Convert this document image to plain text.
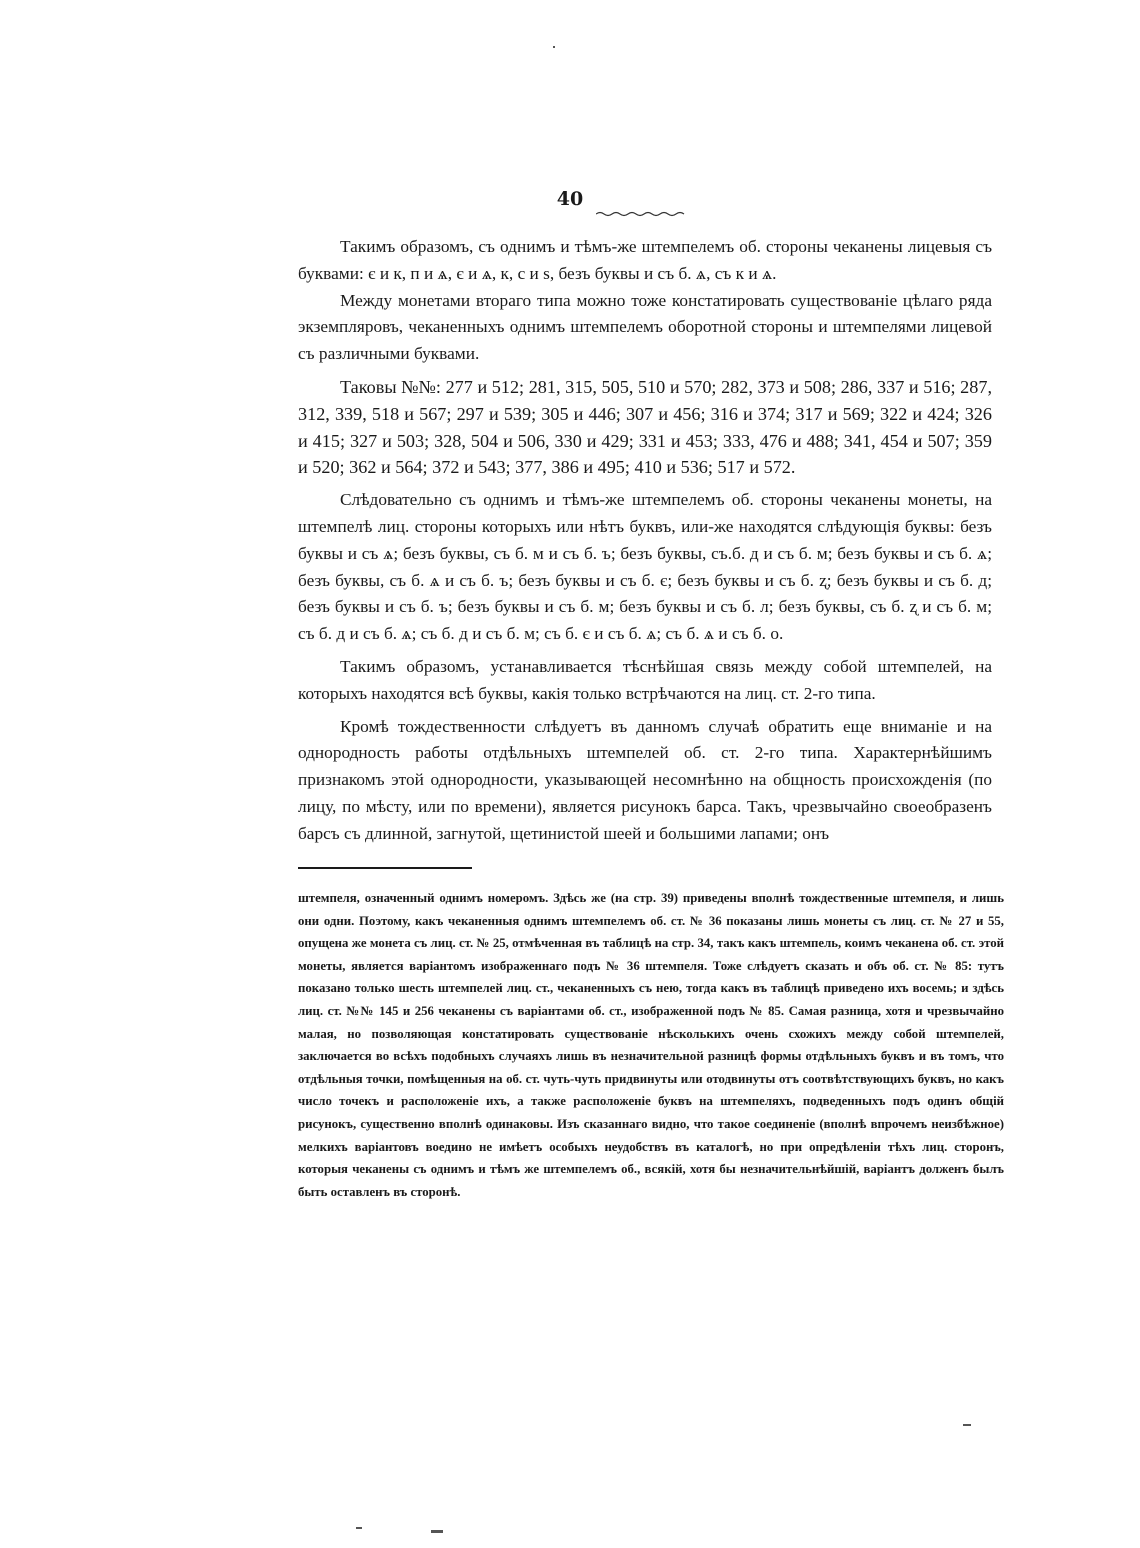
40

Такимъ образомъ, съ однимъ и тѣмъ-же штемпелемъ об. стороны чеканены лицевыя съ буквами: є и к, п и ѧ, є и ѧ, к, с и ѕ, безъ буквы и съ б. ѧ, съ к и ѧ.

Между монетами втораго типа можно тоже констатировать существованіе цѣлаго ряда экземпляровъ, чеканенныхъ однимъ штемпелемъ оборотной стороны и штемпелями лицевой съ различными буквами.

Таковы №№: 277 и 512; 281, 315, 505, 510 и 570; 282, 373 и 508; 286, 337 и 516; 287, 312, 339, 518 и 567; 297 и 539; 305 и 446; 307 и 456; 316 и 374; 317 и 569; 322 и 424; 326 и 415; 327 и 503; 328, 504 и 506, 330 и 429; 331 и 453; 333, 476 и 488; 341, 454 и 507; 359 и 520; 362 и 564; 372 и 543; 377, 386 и 495; 410 и 536; 517 и 572.

Слѣдовательно съ однимъ и тѣмъ-же штемпелемъ об. стороны чеканены монеты, на штемпелѣ лиц. стороны которыхъ или нѣтъ буквъ, или-же находятся слѣдующія буквы: безъ буквы и съ ѧ; безъ буквы, съ б. м и съ б. ъ; безъ буквы, съ.б. д и съ б. м; безъ буквы и съ б. ѧ; безъ буквы, съ б. ѧ и съ б. ъ; безъ буквы и съ б. є; безъ буквы и съ б. ʐ; безъ буквы и съ б. д; безъ буквы и съ б. ъ; безъ буквы и съ б. м; безъ буквы и съ б. л; безъ буквы, съ б. ʐ и съ б. м; съ б. д и съ б. ѧ; съ б. д и съ б. м; съ б. є и съ б. ѧ; съ б. ѧ и съ б. о.

Такимъ образомъ, устанавливается тѣснѣйшая связь между собой штемпелей, на которыхъ находятся всѣ буквы, какія только встрѣчаются на лиц. ст. 2-го типа.

Кромѣ тождественности слѣдуетъ въ данномъ случаѣ обратить еще вниманіе и на однородность работы отдѣльныхъ штемпелей об. ст. 2-го типа. Характернѣйшимъ признакомъ этой однородности, указывающей несомнѣнно на общность происхожденія (по лицу, по мѣсту, или по времени), является рисунокъ барса. Такъ, чрезвычайно своеобразенъ барсъ съ длинной, загнутой, щетинистой шеей и большими лапами; онъ

штемпеля, означенный однимъ номеромъ. Здѣсь же (на стр. 39) приведены вполнѣ тождественные штемпеля, и лишь они одни. Поэтому, какъ чеканенныя однимъ штемпелемъ об. ст. № 36 показаны лишь монеты съ лиц. ст. № 27 и 55, опущена же монета съ лиц. ст. № 25, отмѣченная въ таблицѣ на стр. 34, такъ какъ штемпель, коимъ чеканена об. ст. этой монеты, является варіантомъ изображеннаго подъ № 36 штемпеля. Тоже слѣдуетъ сказать и объ об. ст. № 85: тутъ показано только шесть штемпелей лиц. ст., чеканенныхъ съ нею, тогда какъ въ таблицѣ приведено ихъ восемь; и здѣсь лиц. ст. №№ 145 и 256 чеканены съ варіантами об. ст., изображенной подъ № 85. Самая разница, хотя и чрезвычайно малая, но позволяющая констатировать существованіе нѣсколькихъ очень схожихъ между собой штемпелей, заключается во всѣхъ подобныхъ случаяхъ лишь въ незначительной разницѣ формы отдѣльныхъ буквъ и въ томъ, что отдѣльныя точки, помѣщенныя на об. ст. чуть-чуть придвинуты или отодвинуты отъ соотвѣтствующихъ буквъ, но какъ число точекъ и расположеніе ихъ, а также расположеніе буквъ на штемпеляхъ, подведенныхъ подъ одинъ общій рисунокъ, существенно вполнѣ одинаковы. Изъ сказаннаго видно, что такое соединеніе (вполнѣ впрочемъ неизбѣжное) мелкихъ варіантовъ воедино не имѣетъ особыхъ неудобствъ въ каталогѣ, но при опредѣленіи тѣхъ лиц. сторонъ, которыя чеканены съ однимъ и тѣмъ же штемпелемъ об., всякій, хотя бы незначительнѣйшій, варіантъ долженъ былъ быть оставленъ въ сторонѣ.
